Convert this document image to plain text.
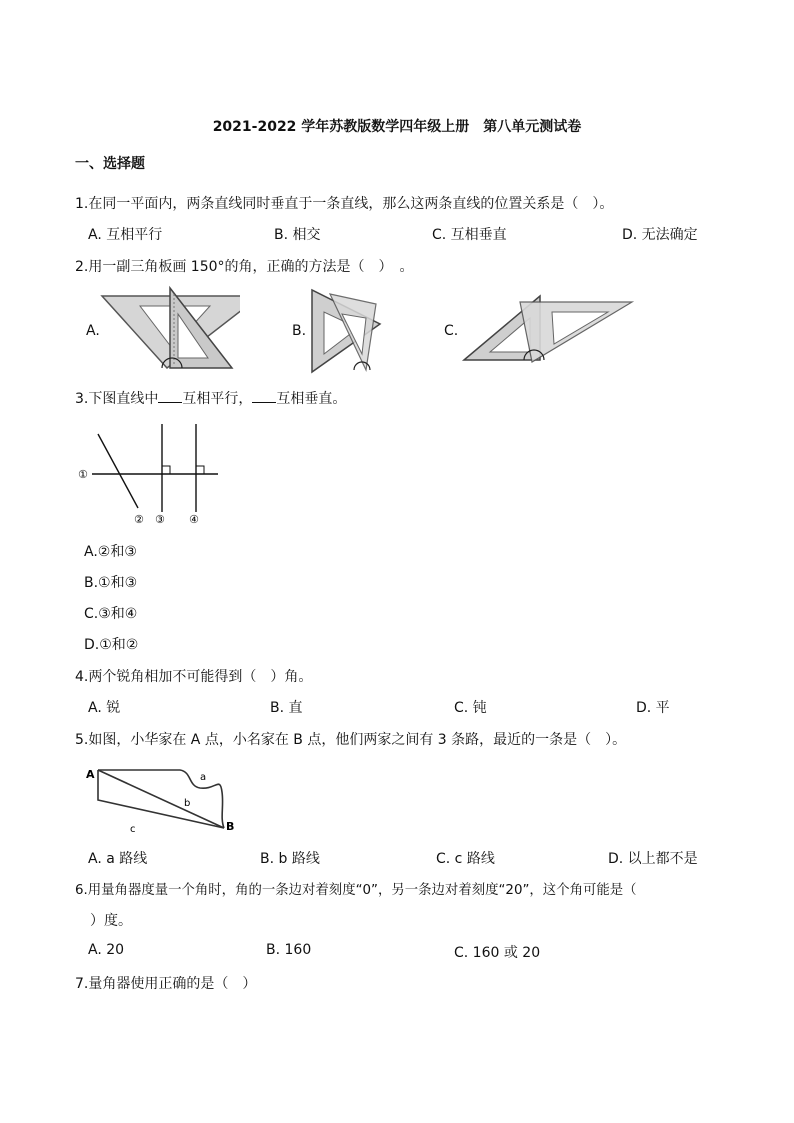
2021-2022 学年苏教版数学四年级上册　第八单元测试卷
一、选择题
1.在同一平面内，两条直线同时垂直于一条直线，那么这两条直线的位置关系是（　）。
A. 互相平行	B. 相交	C. 互相垂直	D. 无法确定
2.用一副三角板画 150°的角，正确的方法是（　）　。
A.	B.	C.
3.下图直线中 互相平行， 互相垂直。
①
② ③ ④
A.②和③
B.①和③
C.③和④
D.①和②
4.两个锐角相加不可能得到（　）角。
A. 锐	B. 直	C. 钝	D. 平
5.如图，小华家在 A 点，小名家在 B 点，他们两家之间有 3 条路，最近的一条是（　）。
A
B
a
b
c
A. a 路线	B. b 路线	C. c 路线	D. 以上都不是
6.用量角器度量一个角时，角的一条边对着刻度“0”，另一条边对着刻度“20”，这个角可能是（
）度。
A. 20	B. 160	C. 160 或 20
7.量角器使用正确的是（　）
